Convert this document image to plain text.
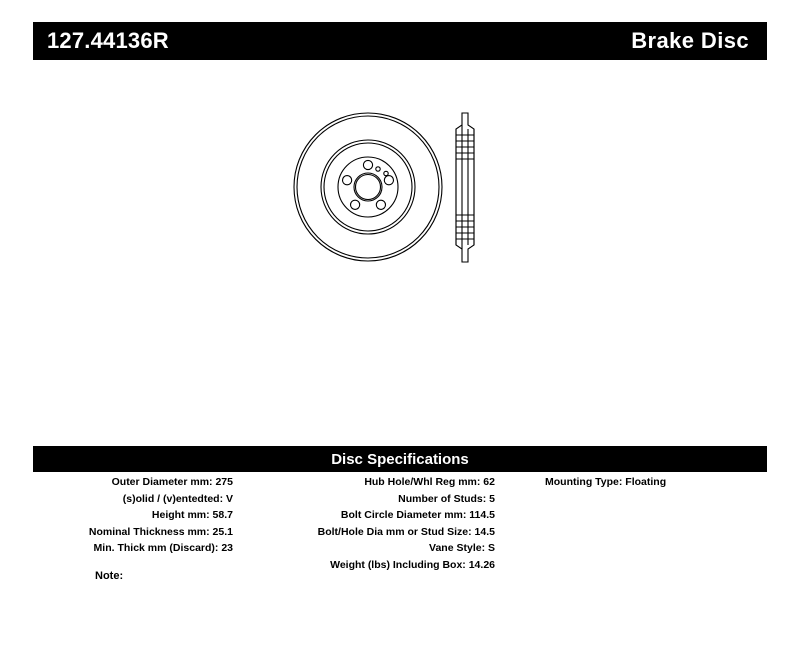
127.44136R	Brake Disc
Disc Specifications
Outer Diameter mm: 275
(s)olid / (v)entedted: V
Height mm: 58.7
Nominal Thickness mm: 25.1
Min. Thick mm (Discard): 23
Hub Hole/Whl Reg mm: 62
Number of Studs: 5
Bolt Circle Diameter mm: 114.5
Bolt/Hole Dia mm or Stud Size: 14.5
Vane Style: S
Weight (lbs) Including Box: 14.26
Mounting Type: Floating
Note:
